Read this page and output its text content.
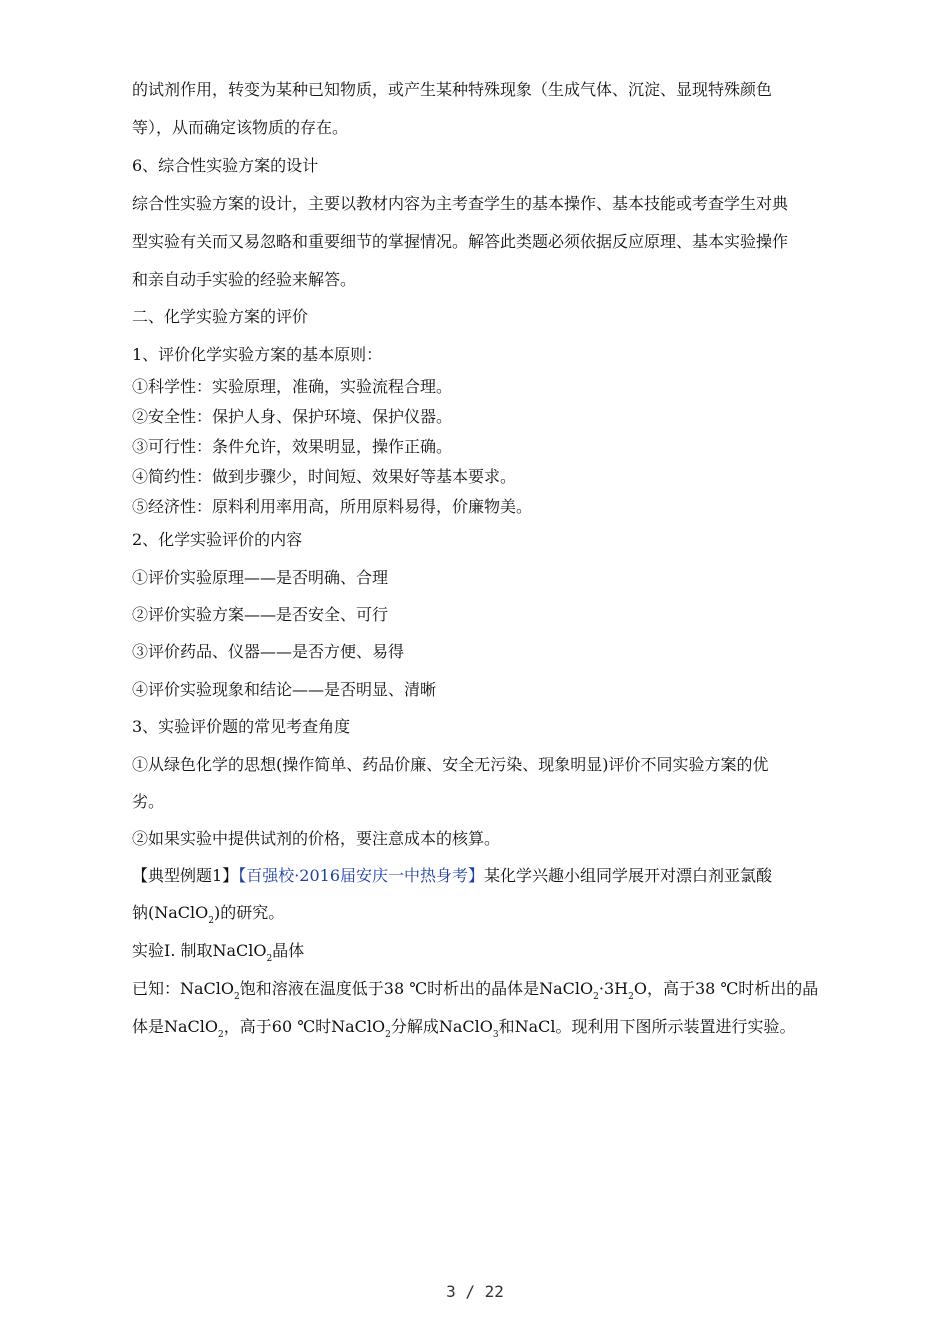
的试剂作用，转变为某种已知物质，或产生某种特殊现象（生成气体、沉淀、显现特殊颜色
等），从而确定该物质的存在。
6、综合性实验方案的设计
综合性实验方案的设计，主要以教材内容为主考查学生的基本操作、基本技能或考查学生对典
型实验有关而又易忽略和重要细节的掌握情况。解答此类题必须依据反应原理、基本实验操作
和亲自动手实验的经验来解答。
二、化学实验方案的评价
1、评价化学实验方案的基本原则：
①科学性：实验原理，准确，实验流程合理。
②安全性：保护人身、保护环境、保护仪器。
③可行性：条件允许，效果明显，操作正确。
④简约性：做到步骤少，时间短、效果好等基本要求。
⑤经济性：原料利用率用高，所用原料易得，价廉物美。
2、化学实验评价的内容
①评价实验原理——是否明确、合理
②评价实验方案——是否安全、可行
③评价药品、仪器——是否方便、易得
④评价实验现象和结论——是否明显、清晰
3、实验评价题的常见考查角度
①从绿色化学的思想(操作简单、药品价廉、安全无污染、现象明显)评价不同实验方案的优
劣。
②如果实验中提供试剂的价格，要注意成本的核算。
【典型例题1】【百强校·2016届安庆一中热身考】某化学兴趣小组同学展开对漂白剂亚氯酸
钠(NaClO$_2$)的研究。
实验Ⅰ. 制取NaClO$_2$晶体
已知：NaClO$_2$饱和溶液在温度低于38 ℃时析出的晶体是$NaClO_2\cdot 3H_2O$，高于38 ℃时析出的晶
体是NaClO$_2$，高于60 ℃时NaClO$_2$分解成NaClO$_3$和NaCl。现利用下图所示装置进行实验。
3 / 22
